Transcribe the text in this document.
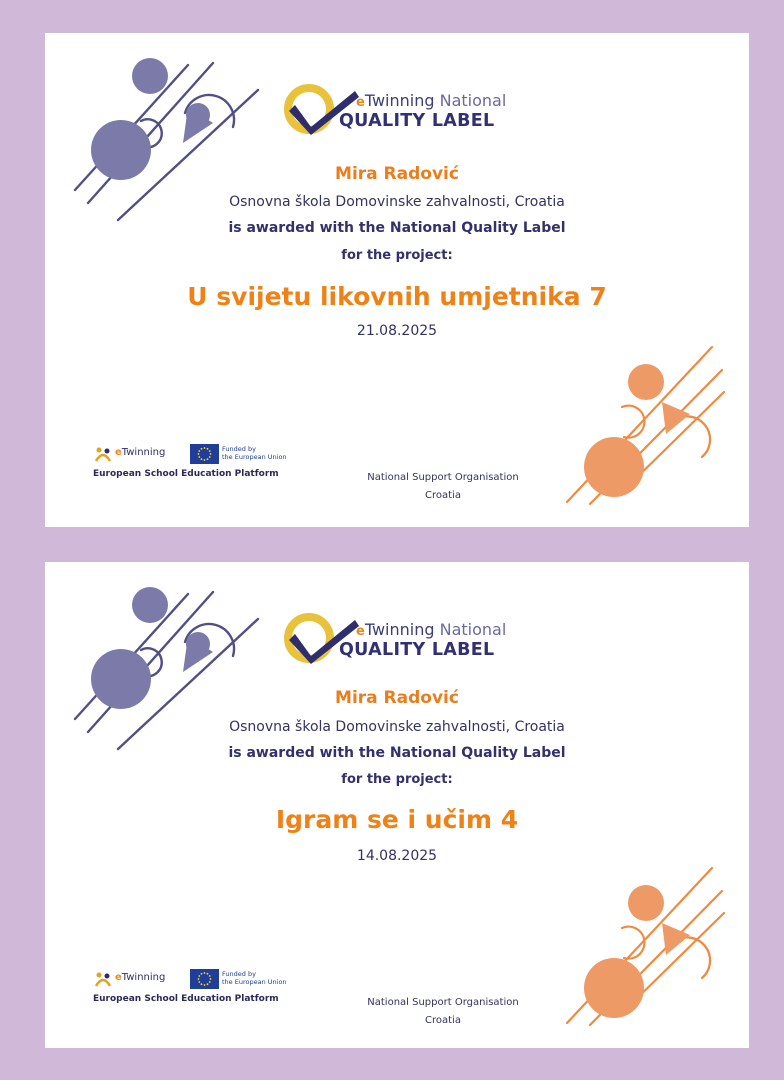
eTwinning National
QUALITY LABEL
Mira Radović
Osnovna škola Domovinske zahvalnosti, Croatia
is awarded with the National Quality Label
for the project:
U svijetu likovnih umjetnika 7
21.08.2025
eTwinning	Funded by
the European Union
European School Education Platform	National Support Organisation
Croatia
eTwinning National
QUALITY LABEL
Mira Radović
Osnovna škola Domovinske zahvalnosti, Croatia
is awarded with the National Quality Label
for the project:
Igram se i učim 4
14.08.2025
eTwinning	Funded by
the European Union
European School Education Platform	National Support Organisation
Croatia
